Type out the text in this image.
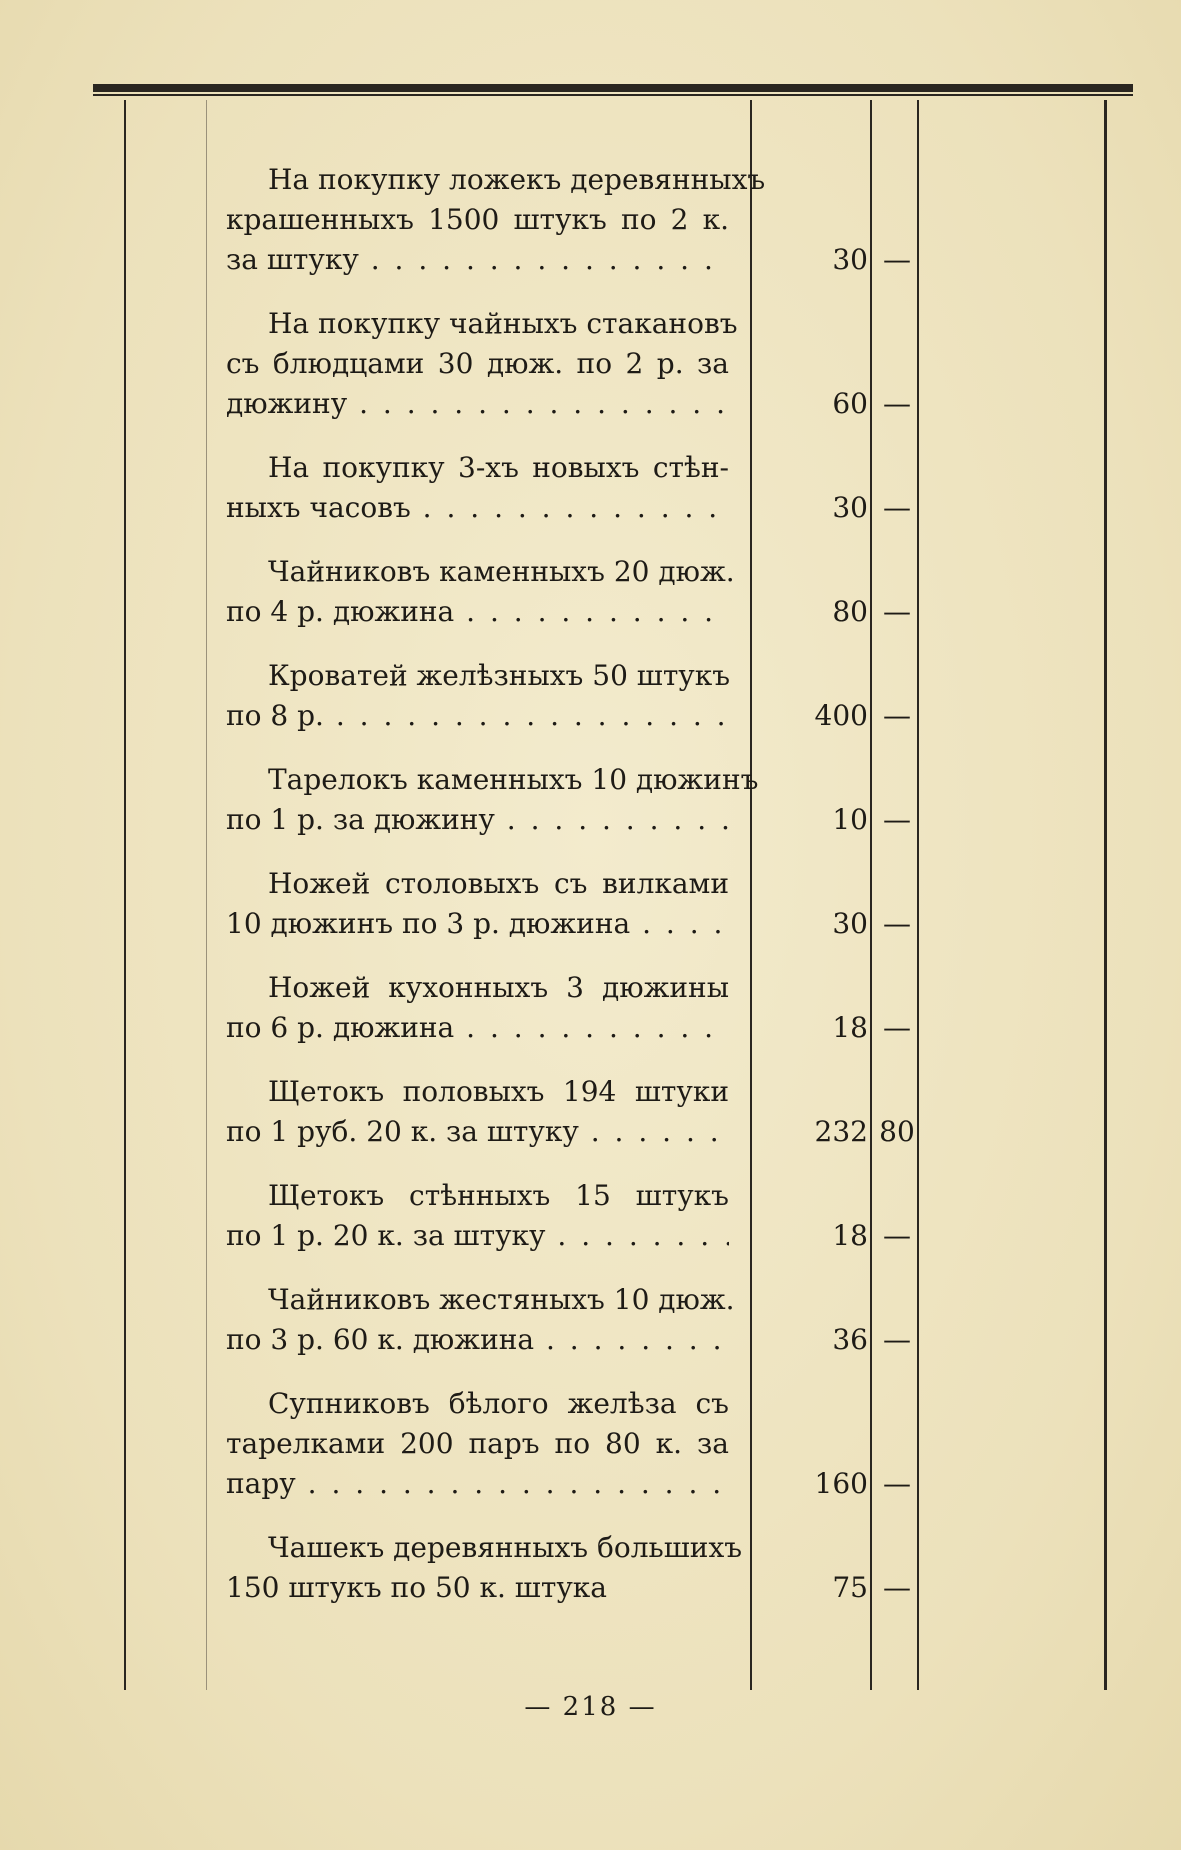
На покупку ложекъ деревянныхъ
крашенныхъ 1500 штукъ по 2 к.
за штуку . . .	30 —
На покупку чайныхъ стакановъ
съ блюдцами 30 дюж. по 2 р. за
дюжину . . .	60 —
На покупку 3-хъ новыхъ стѣн-
ныхъ часовъ . . .	30 —
Чайниковъ каменныхъ 20 дюж.
по 4 р. дюжина . . .	80 —
Кроватей желѣзныхъ 50 штукъ
по 8 р. . . .	400 —
Тарелокъ каменныхъ 10 дюжинъ
по 1 р. за дюжину . . .	10 —
Ножей столовыхъ съ вилками
10 дюжинъ по 3 р. дюжина . . .	30 —
Ножей кухонныхъ 3 дюжины
по 6 р. дюжина . . .	18 —
Щетокъ половыхъ 194 штуки
по 1 руб. 20 к. за штуку . . .	232 80
Щетокъ стѣнныхъ 15 штукъ
по 1 р. 20 к. за штуку . . .	18 —
Чайниковъ жестяныхъ 10 дюж.
по 3 р. 60 к. дюжина . . .	36 —
Супниковъ бѣлого желѣза съ
тарелками 200 паръ по 80 к. за
пару . . .	160 —
Чашекъ деревянныхъ большихъ
150 штукъ по 50 к. штука	75 —
— 218 —
